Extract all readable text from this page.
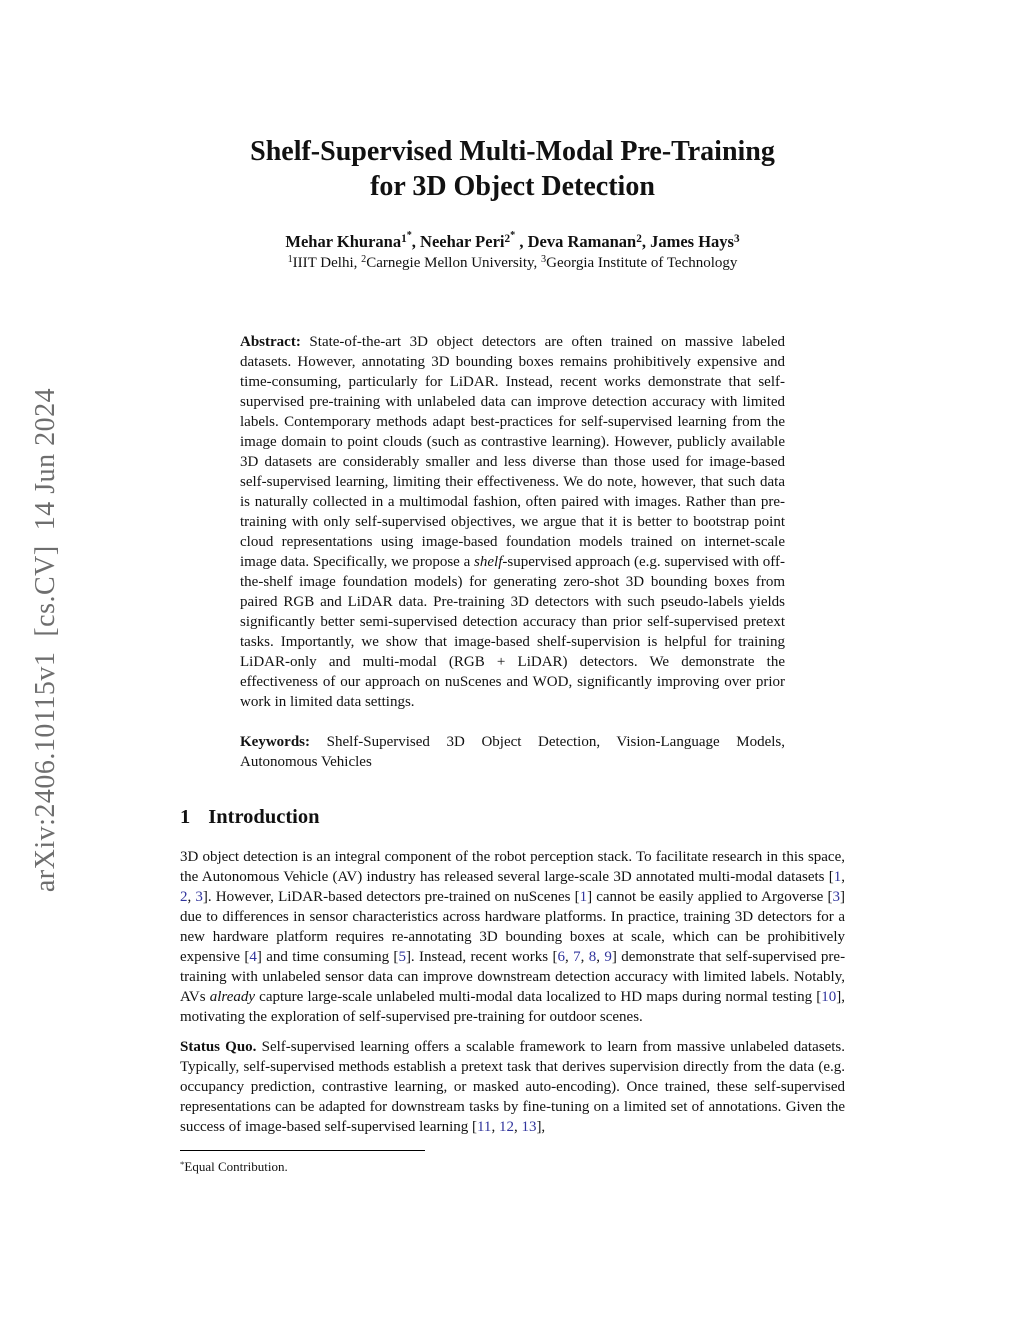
arXiv:2406.10115v1  [cs.CV]  14 Jun 2024
Shelf-Supervised Multi-Modal Pre-Training
for 3D Object Detection
Mehar Khurana$^{1*}$, Neehar Peri$^{2*}$ , Deva Ramanan$^2$, James Hays$^3$
$^1$IIIT Delhi, $^2$Carnegie Mellon University, $^3$Georgia Institute of Technology
Abstract: State-of-the-art 3D object detectors are often trained on massive labeled datasets. However, annotating 3D bounding boxes remains prohibitively expensive and time-consuming, particularly for LiDAR. Instead, recent works demonstrate that self-supervised pre-training with unlabeled data can improve detection accuracy with limited labels. Contemporary methods adapt best-practices for self-supervised learning from the image domain to point clouds (such as contrastive learning). However, publicly available 3D datasets are considerably smaller and less diverse than those used for image-based self-supervised learning, limiting their effectiveness. We do note, however, that such data is naturally collected in a multimodal fashion, often paired with images. Rather than pre-training with only self-supervised objectives, we argue that it is better to bootstrap point cloud representations using image-based foundation models trained on internet-scale image data. Specifically, we propose a shelf-supervised approach (e.g. supervised with off-the-shelf image foundation models) for generating zero-shot 3D bounding boxes from paired RGB and LiDAR data. Pre-training 3D detectors with such pseudo-labels yields significantly better semi-supervised detection accuracy than prior self-supervised pretext tasks. Importantly, we show that image-based shelf-supervision is helpful for training LiDAR-only and multi-modal (RGB + LiDAR) detectors. We demonstrate the effectiveness of our approach on nuScenes and WOD, significantly improving over prior work in limited data settings.
Keywords: Shelf-Supervised 3D Object Detection, Vision-Language Models, Autonomous Vehicles
1 Introduction
3D object detection is an integral component of the robot perception stack. To facilitate research in this space, the Autonomous Vehicle (AV) industry has released several large-scale 3D annotated multi-modal datasets [1, 2, 3]. However, LiDAR-based detectors pre-trained on nuScenes [1] cannot be easily applied to Argoverse [3] due to differences in sensor characteristics across hardware platforms. In practice, training 3D detectors for a new hardware platform requires re-annotating 3D bounding boxes at scale, which can be prohibitively expensive [4] and time consuming [5]. Instead, recent works [6, 7, 8, 9] demonstrate that self-supervised pre-training with unlabeled sensor data can improve downstream detection accuracy with limited labels. Notably, AVs already capture large-scale unlabeled multi-modal data localized to HD maps during normal testing [10], motivating the exploration of self-supervised pre-training for outdoor scenes.
Status Quo. Self-supervised learning offers a scalable framework to learn from massive unlabeled datasets. Typically, self-supervised methods establish a pretext task that derives supervision directly from the data (e.g. occupancy prediction, contrastive learning, or masked auto-encoding). Once trained, these self-supervised representations can be adapted for downstream tasks by fine-tuning on a limited set of annotations. Given the success of image-based self-supervised learning [11, 12, 13],
*Equal Contribution.
